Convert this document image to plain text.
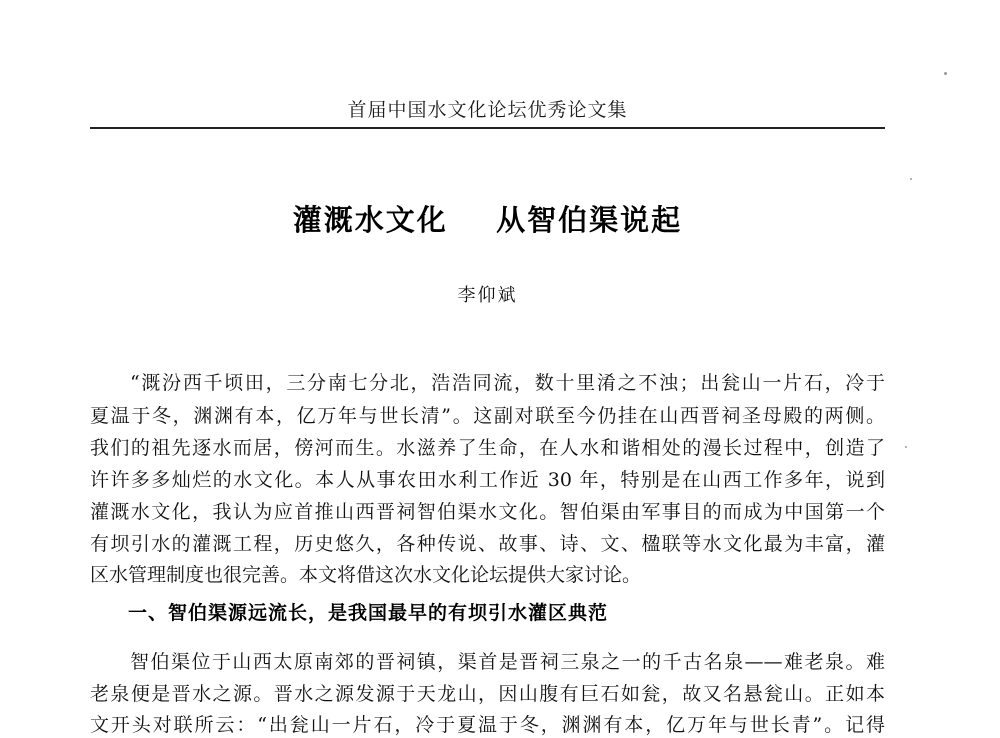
首届中国水文化论坛优秀论文集
灌溉水文化    从智伯渠说起
李仰斌
“溉汾西千顷田，三分南七分北，浩浩同流，数十里淆之不浊；出瓮山一片石，冷于
夏温于冬，渊渊有本，亿万年与世长清”。这副对联至今仍挂在山西晋祠圣母殿的两侧。
我们的祖先逐水而居，傍河而生。水滋养了生命，在人水和谐相处的漫长过程中，创造了
许许多多灿烂的水文化。本人从事农田水利工作近 30 年，特别是在山西工作多年，说到
灌溉水文化，我认为应首推山西晋祠智伯渠水文化。智伯渠由军事目的而成为中国第一个
有坝引水的灌溉工程，历史悠久，各种传说、故事、诗、文、楹联等水文化最为丰富，灌
区水管理制度也很完善。本文将借这次水文化论坛提供大家讨论。
一、智伯渠源远流长，是我国最早的有坝引水灌区典范
智伯渠位于山西太原南郊的晋祠镇，渠首是晋祠三泉之一的千古名泉——难老泉。难
老泉便是晋水之源。晋水之源发源于天龙山，因山腹有巨石如瓮，故又名悬瓮山。正如本
文开头对联所云：“出瓮山一片石，冷于夏温于冬，渊渊有本，亿万年与世长青”。记得
